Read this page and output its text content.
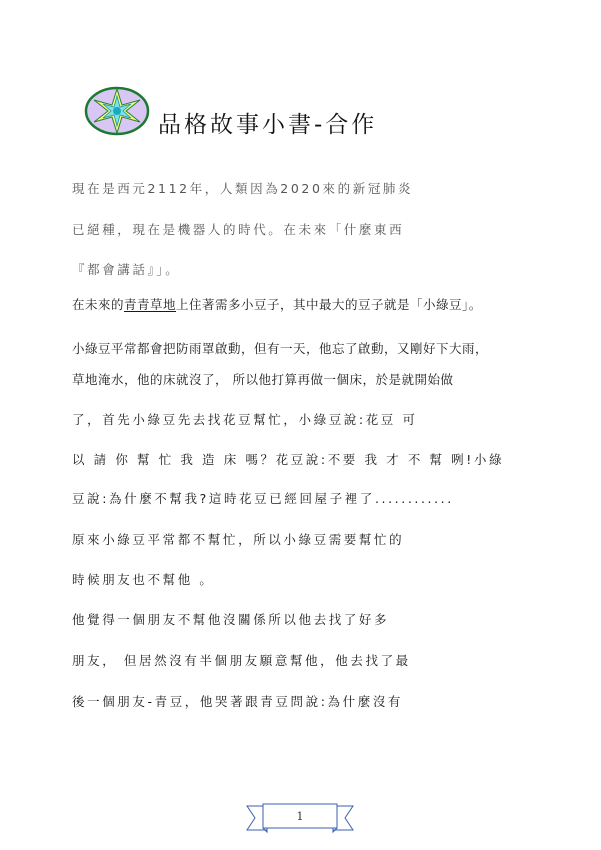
品格故事小書-合作
現在是西元2112年，人類因為2020來的新冠肺炎
已絕種，現在是機器人的時代。在未來「什麼東西
『都會講話』」。
在未來的青青草地上住著需多小豆子，其中最大的豆子就是「小綠豆」。
小綠豆平常都會把防雨罩啟動，但有一天，他忘了啟動，又剛好下大雨，
草地淹水，他的床就沒了， 所以他打算再做一個床，於是就開始做
了，首先小綠豆先去找花豆幫忙，小綠豆說:花豆 可
以 請 你 幫 忙 我 造 床 嗎？花豆說:不要 我 才 不 幫 咧!小綠
豆說:為什麼不幫我?這時花豆已經回屋子裡了............
原來小綠豆平常都不幫忙，所以小綠豆需要幫忙的
時候朋友也不幫他 。
他覺得一個朋友不幫他沒關係所以他去找了好多
朋友， 但居然沒有半個朋友願意幫他，他去找了最
後一個朋友-青豆，他哭著跟青豆問說:為什麼沒有
1
